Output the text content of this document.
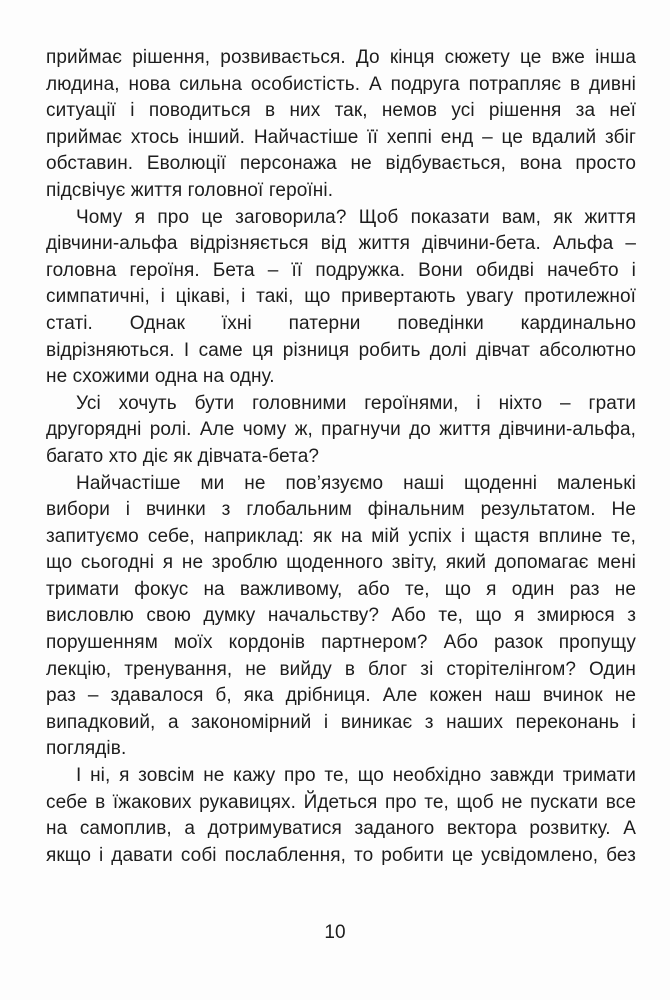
приймає рішення, розвивається. До кінця сюжету це вже інша
людина, нова сильна особистість. А подруга потрапляє в дивні
ситуації і поводиться в них так, немов усі рішення за неї
приймає хтось інший. Найчастіше її хеппі енд – це вдалий збіг
обставин. Еволюції персонажа не відбувається, вона просто
підсвічує життя головної героїні.
Чому я про це заговорила? Щоб показати вам, як життя
дівчини-альфа відрізняється від життя дівчини-бета. Альфа –
головна героїня. Бета – її подружка. Вони обидві начебто і
симпатичні, і цікаві, і такі, що привертають увагу протилежної
статі. Однак їхні патерни поведінки кардинально
відрізняються. І саме ця різниця робить долі дівчат абсолютно
не схожими одна на одну.
Усі хочуть бути головними героїнями, і ніхто – грати
другорядні ролі. Але чому ж, прагнучи до життя дівчини-альфа,
багато хто діє як дівчата-бета?
Найчастіше ми не пов’язуємо наші щоденні маленькі
вибори і вчинки з глобальним фінальним результатом. Не
запитуємо себе, наприклад: як на мій успіх і щастя вплине те,
що сьогодні я не зроблю щоденного звіту, який допомагає мені
тримати фокус на важливому, або те, що я один раз не
висловлю свою думку начальству? Або те, що я змирюся з
порушенням моїх кордонів партнером? Або разок пропущу
лекцію, тренування, не вийду в блог зі сторітелінгом? Один
раз – здавалося б, яка дрібниця. Але кожен наш вчинок не
випадковий, а закономірний і виникає з наших переконань і
поглядів.
І ні, я зовсім не кажу про те, що необхідно завжди тримати
себе в їжакових рукавицях. Йдеться про те, щоб не пускати все
на самоплив, а дотримуватися заданого вектора розвитку. А
якщо і давати собі послаблення, то робити це усвідомлено, без
10
